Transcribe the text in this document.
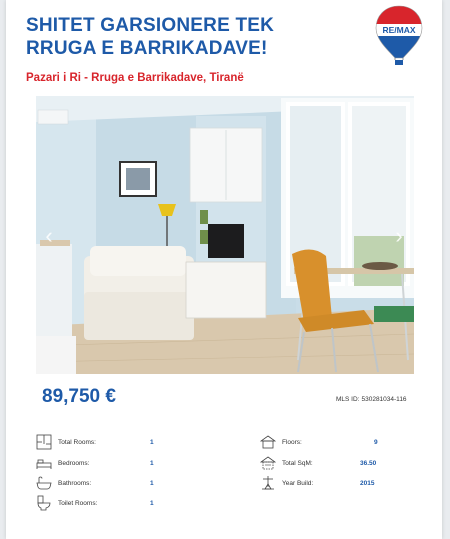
SHITET GARSIONERE TEK
RRUGA E BARRIKADAVE!
Pazari i Ri - Rruga e Barrikadave, Tiranë
RE/MAX
‹	›
89,750 €	MLS ID: 530281034-116
Total Rooms:	1
Bedrooms:	1
Bathrooms:	1
Toilet Rooms:	1
Floors:	9
Total SqM:	36.50
Year Build:	2015
